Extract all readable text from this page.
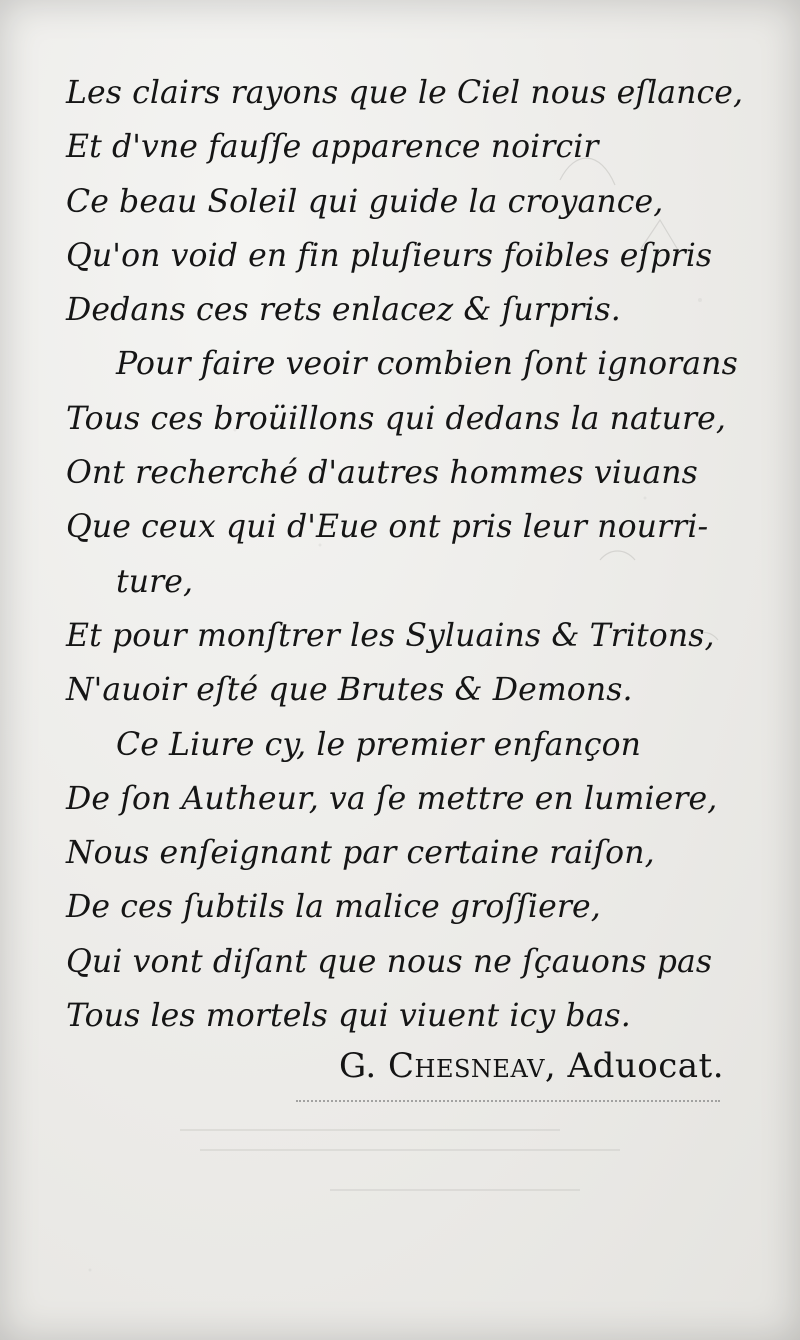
Les clairs rayons que le Ciel nous eſlance,
Et d'vne fauſſe apparence noircir
Ce beau Soleil qui guide la croyance,
Qu'on void en fin pluſieurs foibles eſpris
Dedans ces rets enlacez & ſurpris.
Pour faire veoir combien ſont ignorans
Tous ces broüillons qui dedans la nature,
Ont recherché d'autres hommes viuans
Que ceux qui d'Eue ont pris leur nourri-
ture,
Et pour monſtrer les Syluains & Tritons,
N'auoir eſté que Brutes & Demons.
Ce Liure cy, le premier enfançon
De ſon Autheur, va ſe mettre en lumiere,
Nous enſeignant par certaine raiſon,
De ces ſubtils la malice groſſiere,
Qui vont diſant que nous ne ſçauons pas
Tous les mortels qui viuent icy bas.
G. Chesneav, Aduocat.
